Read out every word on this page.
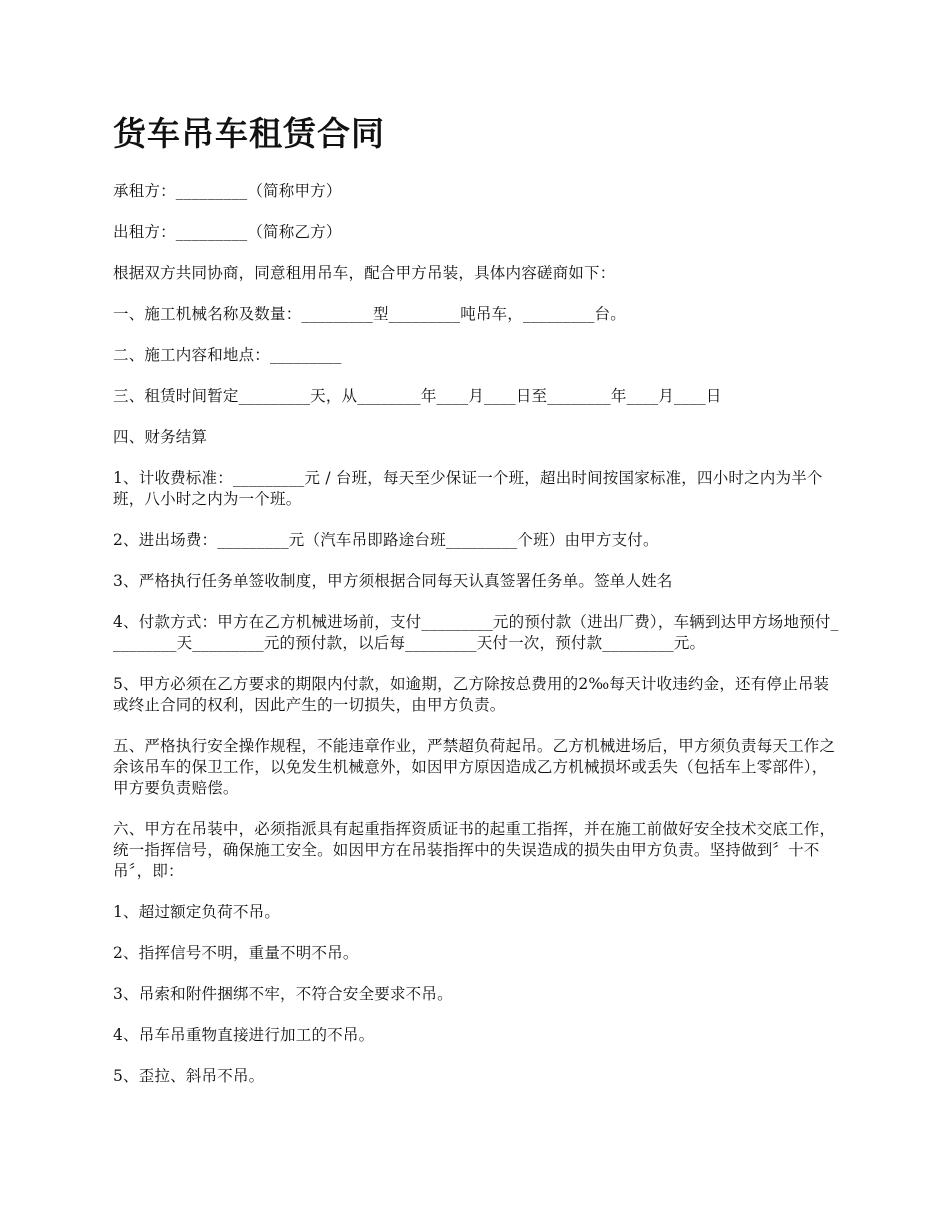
货车吊车租赁合同

承租方：_________（简称甲方）

出租方：_________（简称乙方）

根据双方共同协商，同意租用吊车，配合甲方吊装，具体内容磋商如下：

一、施工机械名称及数量：_________型_________吨吊车，_________台。

二、施工内容和地点：_________

三、租赁时间暂定_________天，从________年____月____日至________年____月____日

四、财务结算

1、计收费标准：_________元 / 台班，每天至少保证一个班，超出时间按国家标准，四小时之内为半个班，八小时之内为一个班。

2、进出场费：_________元（汽车吊即路途台班_________个班）由甲方支付。

3、严格执行任务单签收制度，甲方须根据合同每天认真签署任务单。签单人姓名

4、付款方式：甲方在乙方机械进场前，支付_________元的预付款（进出厂费），车辆到达甲方场地预付_________天_________元的预付款，以后每_________天付一次，预付款_________元。

5、甲方必须在乙方要求的期限内付款，如逾期，乙方除按总费用的2‰每天计收违约金，还有停止吊装或终止合同的权利，因此产生的一切损失，由甲方负责。

五、严格执行安全操作规程，不能违章作业，严禁超负荷起吊。乙方机械进场后，甲方须负责每天工作之余该吊车的保卫工作，以免发生机械意外，如因甲方原因造成乙方机械损坏或丢失（包括车上零部件），甲方要负责赔偿。

六、甲方在吊装中，必须指派具有起重指挥资质证书的起重工指挥，并在施工前做好安全技术交底工作，统一指挥信号，确保施工安全。如因甲方在吊装指挥中的失误造成的损失由甲方负责。坚持做到〞十不吊〞，即：

1、超过额定负荷不吊。

2、指挥信号不明，重量不明不吊。

3、吊索和附件捆绑不牢，不符合安全要求不吊。

4、吊车吊重物直接进行加工的不吊。

5、歪拉、斜吊不吊。
